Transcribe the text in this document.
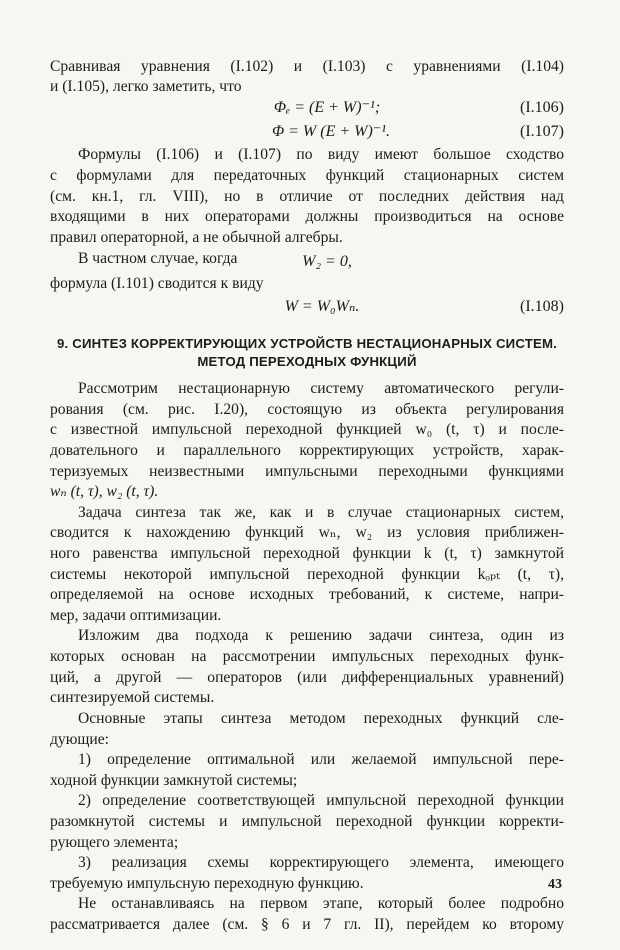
Сравнивая уравнения (I.102) и (I.103) с уравнениями (I.104)
и (I.105), легко заметить, что
Φₑ = (E + W)⁻¹;	(I.106)
Φ = W (E + W)⁻¹.	(I.107)
Формулы (I.106) и (I.107) по виду имеют большое сходство
с формулами для передаточных функций стационарных систем
(см. кн.1, гл. VIII), но в отличие от последних действия над
входящими в них операторами должны производиться на основе
правил операторной, а не обычной алгебры.
В частном случае, когда	W₂ = 0,
формула (I.101) сводится к виду
W = W₀Wₙ.	(I.108)
9. СИНТЕЗ КОРРЕКТИРУЮЩИХ УСТРОЙСТВ НЕСТАЦИОНАРНЫХ СИСТЕМ.
МЕТОД ПЕРЕХОДНЫХ ФУНКЦИЙ
Рассмотрим нестационарную систему автоматического регули-
рования (см. рис. I.20), состоящую из объекта регулирования
с известной импульсной переходной функцией w₀ (t, τ) и после-
довательного и параллельного корректирующих устройств, харак-
теризуемых неизвестными импульсными переходными функциями
wₙ (t, τ), w₂ (t, τ).
Задача синтеза так же, как и в случае стационарных систем,
сводится к нахождению функций wₙ, w₂ из условия приближен-
ного равенства импульсной переходной функции k (t, τ) замкнутой
системы некоторой импульсной переходной функции kₒₚₜ (t, τ),
определяемой на основе исходных требований, к системе, напри-
мер, задачи оптимизации.
Изложим два подхода к решению задачи синтеза, один из
которых основан на рассмотрении импульсных переходных функ-
ций, а другой — операторов (или дифференциальных уравнений)
синтезируемой системы.
Основные этапы синтеза методом переходных функций сле-
дующие:
1) определение оптимальной или желаемой импульсной пере-
ходной функции замкнутой системы;
2) определение соответствующей импульсной переходной функции
разомкнутой системы и импульсной переходной функции корректи-
рующего элемента;
3) реализация схемы корректирующего элемента, имеющего
требуемую импульсную переходную функцию.
Не останавливаясь на первом этапе, который более подробно
рассматривается далее (см. § 6 и 7 гл. II), перейдем ко второму
43
